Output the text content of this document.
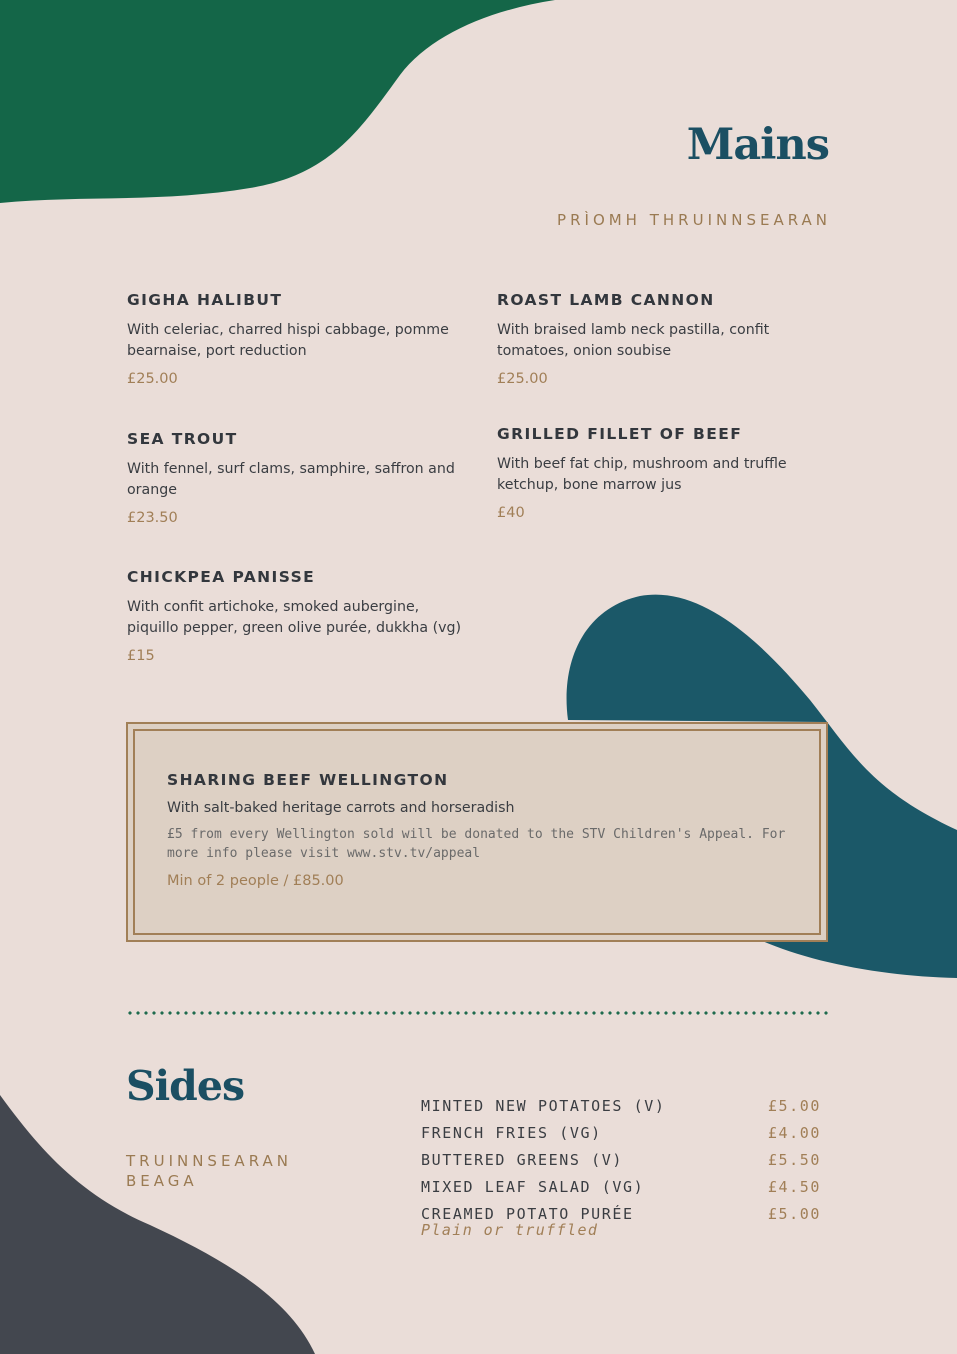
Mains
PRÌOMH THRUINNSEARAN
GIGHA HALIBUT
With celeriac, charred hispi cabbage, pomme bearnaise, port reduction
£25.00
ROAST LAMB CANNON
With braised lamb neck pastilla, confit tomatoes, onion soubise
£25.00
SEA TROUT
With fennel, surf clams, samphire, saffron and orange
£23.50
GRILLED FILLET OF BEEF
With beef fat chip, mushroom and truffle ketchup, bone marrow jus
£40
CHICKPEA PANISSE
With confit artichoke, smoked aubergine, piquillo pepper, green olive purée, dukkha (vg)
£15
SHARING BEEF WELLINGTON
With salt-baked heritage carrots and horseradish
£5 from every Wellington sold will be donated to the STV Children's Appeal. For more info please visit www.stv.tv/appeal
Min of 2 people / £85.00
Sides
TRUINNSEARAN
BEAGA
MINTED NEW POTATOES (V)	£5.00
FRENCH FRIES (VG)	£4.00
BUTTERED GREENS (V)	£5.50
MIXED LEAF SALAD (VG)	£4.50
CREAMED POTATO PURÉE	£5.00
Plain or truffled
